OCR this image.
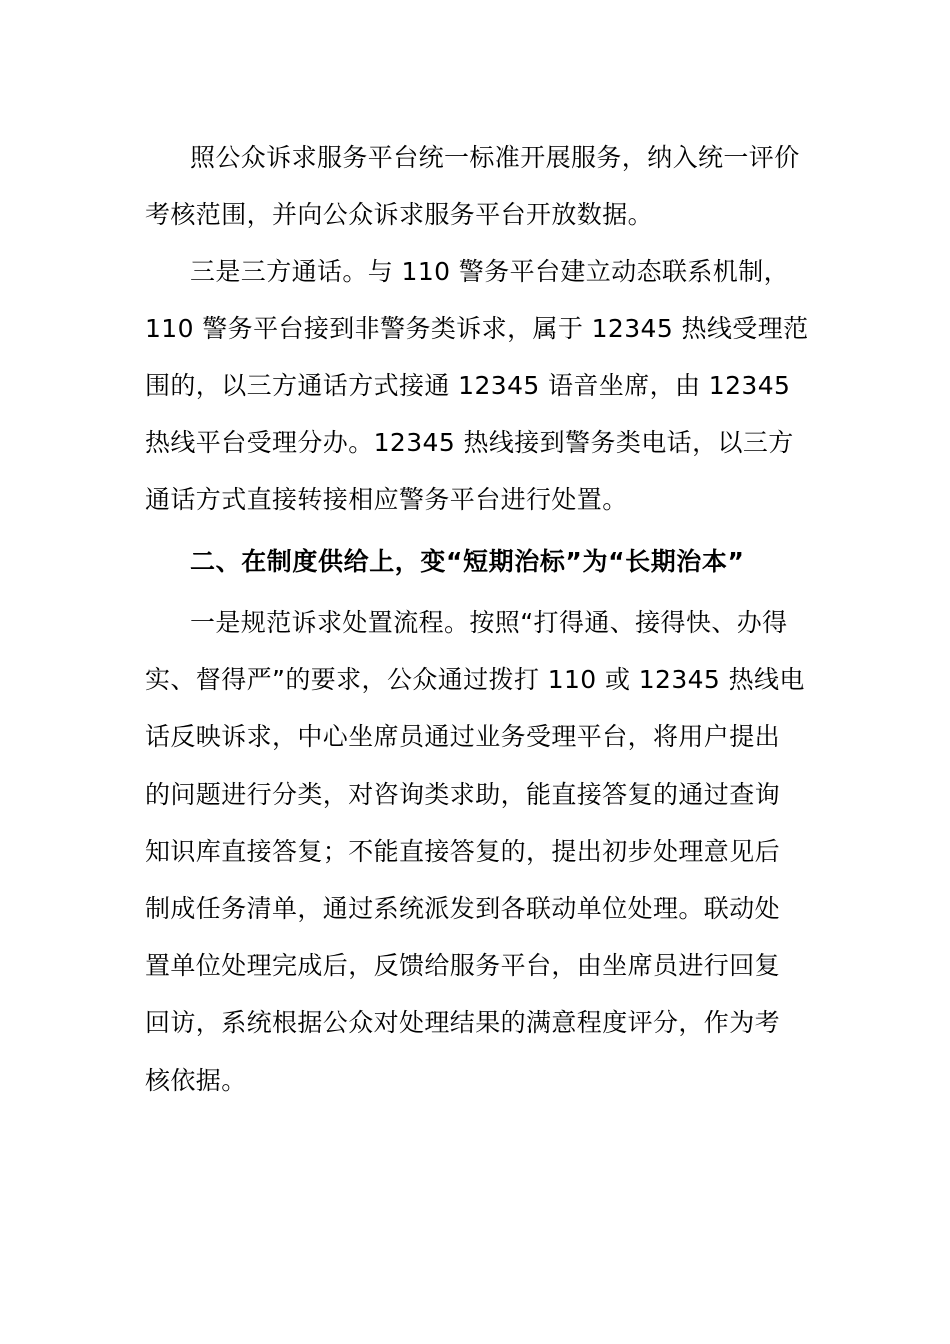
照公众诉求服务平台统一标准开展服务，纳入统一评价

考核范围，并向公众诉求服务平台开放数据。

三是三方通话。与 110 警务平台建立动态联系机制，

110 警务平台接到非警务类诉求，属于 12345 热线受理范

围的，以三方通话方式接通 12345 语音坐席，由 12345

热线平台受理分办。12345 热线接到警务类电话，以三方

通话方式直接转接相应警务平台进行处置。

二、在制度供给上，变“短期治标”为“长期治本”

一是规范诉求处置流程。按照“打得通、接得快、办得

实、督得严”的要求，公众通过拨打 110 或 12345 热线电

话反映诉求，中心坐席员通过业务受理平台，将用户提出

的问题进行分类，对咨询类求助，能直接答复的通过查询

知识库直接答复；不能直接答复的，提出初步处理意见后

制成任务清单，通过系统派发到各联动单位处理。联动处

置单位处理完成后，反馈给服务平台，由坐席员进行回复

回访，系统根据公众对处理结果的满意程度评分，作为考

核依据。
